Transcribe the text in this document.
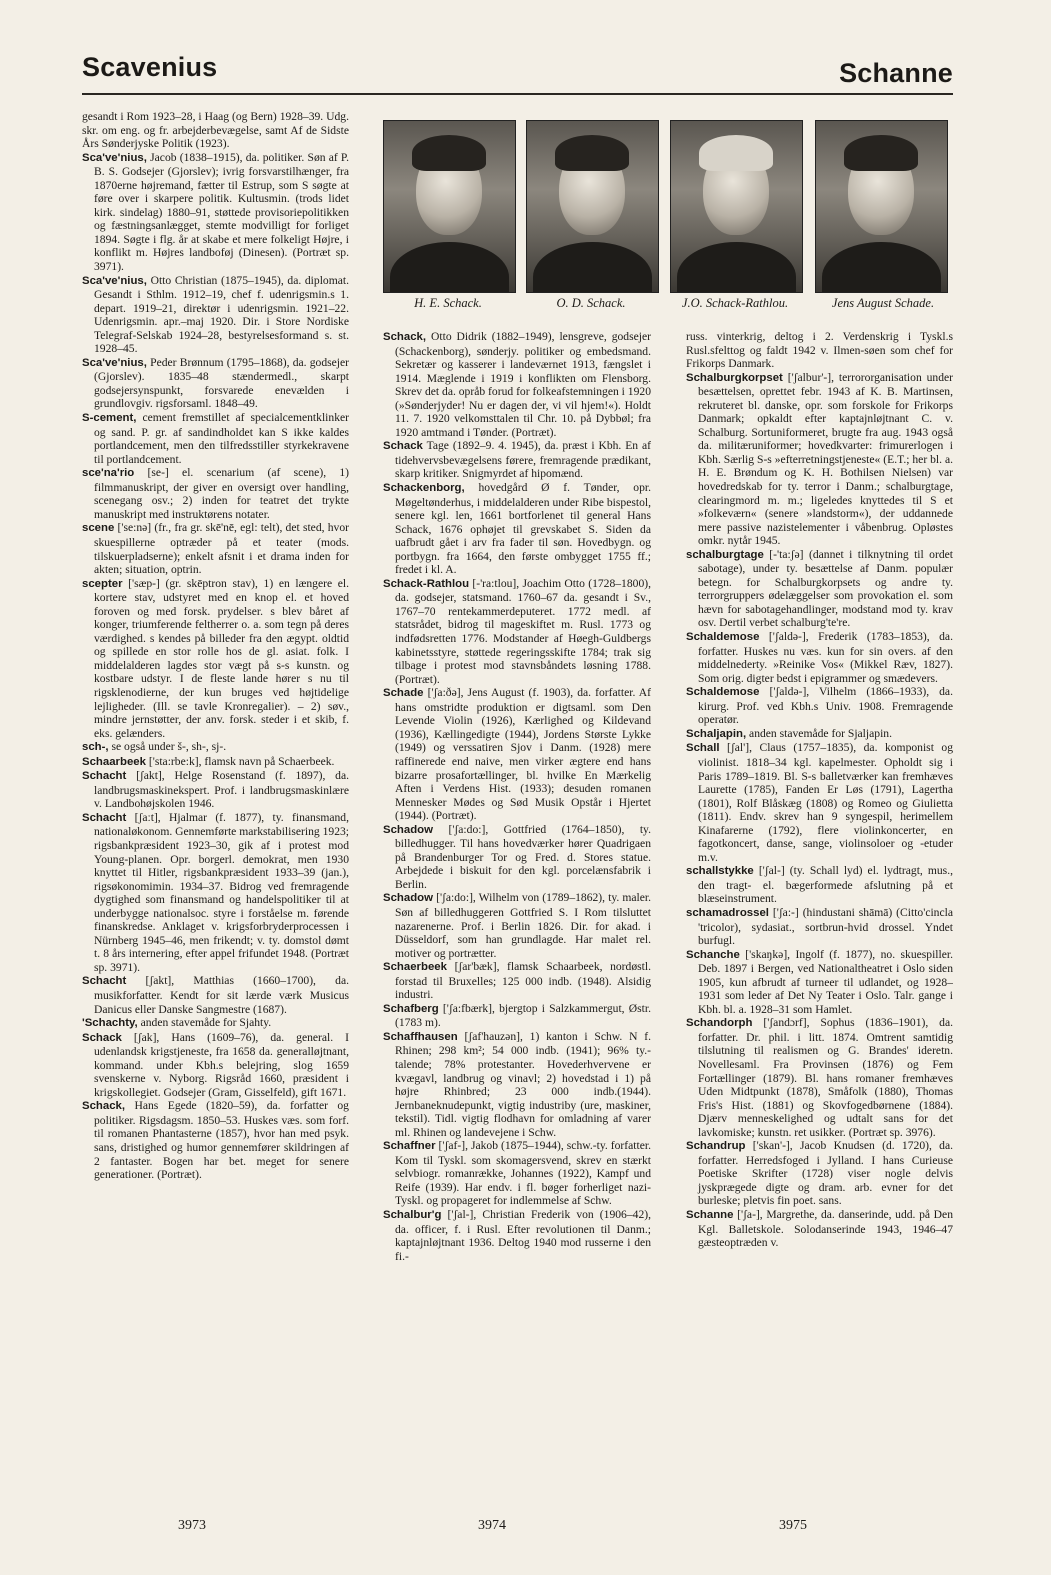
Scavenius	Schanne
H. E. Schack.	O. D. Schack.	J.O. Schack-Rathlou.	Jens August Schade.

gesandt i Rom 1923–28, i Haag (og Bern) 1928–39. Udg. skr. om eng. og fr. arbejderbevægelse, samt Af de Sidste Års Sønderjyske Politik (1923).

Sca've'nius, Jacob (1838–1915), da. politiker. Søn af P. B. S. Godsejer (Gjorslev); ivrig forsvarstilhænger, fra 1870erne højremand, fætter til Estrup, som S søgte at føre over i skarpere politik. Kultusmin. (trods lidet kirk. sindelag) 1880–91, støttede provisoriepolitikken og fæstningsanlægget, stemte modvilligt for forliget 1894. Søgte i flg. år at skabe et mere folkeligt Højre, i konflikt m. Højres landboføj (Dinesen). (Portræt sp. 3971).

Sca've'nius, Otto Christian (1875–1945), da. diplomat. Gesandt i Sthlm. 1912–19, chef f. udenrigsmin.s 1. depart. 1919–21, direktør i udenrigsmin. 1921–22. Udenrigsmin. apr.–maj 1920. Dir. i Store Nordiske Telegraf-Selskab 1924–28, bestyrelsesformand s. st. 1928–45.

Sca've'nius, Peder Brønnum (1795–1868), da. godsejer (Gjorslev). 1835–48 stændermedl., skarpt godsejersynspunkt, forsvarede enevælden i grundlovgiv. rigsforsaml. 1848–49.

S-cement, cement fremstillet af specialcementklinker og sand. P. gr. af sandindholdet kan S ikke kaldes portlandcement, men den tilfredsstiller styrkekravene til portlandcement.

sce'na'rio [se-] el. scenarium (af scene), 1) filmmanuskript, der giver en oversigt over handling, scenegang osv.; 2) inden for teatret det trykte manuskript med instruktørens notater.

scene ['se:nə] (fr., fra gr. skē'nē, egl: telt), det sted, hvor skuespillerne optræder på et teater (mods. tilskuerpladserne); enkelt afsnit i et drama inden for akten; situation, optrin.

scepter ['sæp-] (gr. skēptron stav), 1) en længere el. kortere stav, udstyret med en knop el. et hoved foroven og med forsk. prydelser. s blev båret af konger, triumferende feltherrer o. a. som tegn på deres værdighed. s kendes på billeder fra den ægypt. oldtid og spillede en stor rolle hos de gl. asiat. folk. I middelalderen lagdes stor vægt på s-s kunstn. og kostbare udstyr. I de fleste lande hører s nu til rigsklenodierne, der kun bruges ved højtidelige lejligheder. (Ill. se tavle Kronregalier). – 2) søv., mindre jernstøtter, der anv. forsk. steder i et skib, f. eks. gelænders.

sch-, se også under š-, sh-, sj-.

Schaarbeek ['sta:rbe:k], flamsk navn på Schaerbeek.

Schacht [ʃakt], Helge Rosenstand (f. 1897), da. landbrugsmaskinekspert. Prof. i landbrugsmaskinlære v. Landbohøjskolen 1946.

Schacht [ʃaːt], Hjalmar (f. 1877), ty. finansmand, nationaløkonom. Gennemførte markstabilisering 1923; rigsbankpræsident 1923–30, gik af i protest mod Young-planen. Opr. borgerl. demokrat, men 1930 knyttet til Hitler, rigsbankpræsident 1933–39 (jan.), rigsøkonomimin. 1934–37. Bidrog ved fremragende dygtighed som finansmand og handelspolitiker til at underbygge nationalsoc. styre i forståelse m. førende finanskredse. Anklaget v. krigsforbryderprocessen i Nürnberg 1945–46, men frikendt; v. ty. domstol dømt t. 8 års internering, efter appel frifundet 1948. (Portræt sp. 3971).

Schacht [ʃakt], Matthias (1660–1700), da. musikforfatter. Kendt for sit lærde værk Musicus Danicus eller Danske Sangmestre (1687).

'Schachty, anden stavemåde for Sjahty.

Schack [ʃak], Hans (1609–76), da. general. I udenlandsk krigstjeneste, fra 1658 da. generalløjtnant, kommand. under Kbh.s belejring, slog 1659 svenskerne v. Nyborg. Rigsråd 1660, præsident i krigskollegiet. Godsejer (Gram, Gisselfeld), gift 1671.

Schack, Hans Egede (1820–59), da. forfatter og politiker. Rigsdagsm. 1850–53. Huskes væs. som forf. til romanen Phantasterne (1857), hvor han med psyk. sans, dristighed og humor gennemfører skildringen af 2 fantaster. Bogen har bet. meget for senere generationer. (Portræt).

Schack, Otto Didrik (1882–1949), lensgreve, godsejer (Schackenborg), sønderjy. politiker og embedsmand. Sekretær og kasserer i landeværnet 1913, fængslet i 1914. Mæglende i 1919 i konflikten om Flensborg. Skrev det da. opråb forud for folkeafstemningen i 1920 (»Sønderjyder! Nu er dagen der, vi vil hjem!«). Holdt 11. 7. 1920 velkomsttalen til Chr. 10. på Dybbøl; fra 1920 amtmand i Tønder. (Portræt).

Schack Tage (1892–9. 4. 1945), da. præst i Kbh. En af tidehvervsbevægelsens førere, fremragende prædikant, skarp kritiker. Snigmyrdet af hipomænd.

Schackenborg, hovedgård Ø f. Tønder, opr. Møgeltønderhus, i middelalderen under Ribe bispestol, senere kgl. len, 1661 bortforlenet til general Hans Schack, 1676 ophøjet til grevskabet S. Siden da uafbrudt gået i arv fra fader til søn. Hovedbygn. og portbygn. fra 1664, den første ombygget 1755 ff.; fredet i kl. A.

Schack-Rathlou [-'ra:tlou], Joachim Otto (1728–1800), da. godsejer, statsmand. 1760–67 da. gesandt i Sv., 1767–70 rentekammerdeputeret. 1772 medl. af statsrådet, bidrog til mageskiftet m. Rusl. 1773 og indfødsretten 1776. Modstander af Høegh-Guldbergs kabinetsstyre, støttede regeringsskifte 1784; trak sig tilbage i protest mod stavnsbåndets løsning 1788. (Portræt).

Schade ['ʃa:ðə], Jens August (f. 1903), da. forfatter. Af hans omstridte produktion er digtsaml. som Den Levende Violin (1926), Kærlighed og Kildevand (1936), Kællingedigte (1944), Jordens Største Lykke (1949) og verssatiren Sjov i Danm. (1928) mere raffinerede end naive, men virker ægtere end hans bizarre prosafortællinger, bl. hvilke En Mærkelig Aften i Verdens Hist. (1933); desuden romanen Mennesker Mødes og Sød Musik Opstår i Hjertet (1944). (Portræt).

Schadow ['ʃa:do:], Gottfried (1764–1850), ty. billedhugger. Til hans hovedværker hører Quadrigaen på Brandenburger Tor og Fred. d. Stores statue. Arbejdede i biskuit for den kgl. porcelænsfabrik i Berlin.

Schadow ['ʃa:do:], Wilhelm von (1789–1862), ty. maler. Søn af billedhuggeren Gottfried S. I Rom tilsluttet nazarenerne. Prof. i Berlin 1826. Dir. for akad. i Düsseldorf, som han grundlagde. Har malet rel. motiver og portrætter.

Schaerbeek [ʃar'bæk], flamsk Schaarbeek, nordøstl. forstad til Bruxelles; 125 000 indb. (1948). Alsidig industri.

Schafberg ['ʃa:fbærk], bjergtop i Salzkammergut, Østr. (1783 m).

Schaffhausen [ʃaf'hauzən], 1) kanton i Schw. N f. Rhinen; 298 km²; 54 000 indb. (1941); 96% ty.-talende; 78% protestanter. Hovederhvervene er kvægavl, landbrug og vinavl; 2) hovedstad i 1) på højre Rhinbred; 23 000 indb.(1944). Jernbaneknudepunkt, vigtig industriby (ure, maskiner, tekstil). Tidl. vigtig flodhavn for omladning af varer ml. Rhinen og landevejene i Schw.

Schaffner ['ʃaf-], Jakob (1875–1944), schw.-ty. forfatter. Kom til Tyskl. som skomagersvend, skrev en stærkt selvbiogr. romanrække, Johannes (1922), Kampf und Reife (1939). Har endv. i fl. bøger forherliget nazi-Tyskl. og propageret for indlemmelse af Schw.

Schalbur'g ['ʃal-], Christian Frederik von (1906–42), da. officer, f. i Rusl. Efter revolutionen til Danm.; kaptajnløjtnant 1936. Deltog 1940 mod russerne i den fi.-

russ. vinterkrig, deltog i 2. Verdenskrig i Tyskl.s Rusl.sfelttog og faldt 1942 v. Ilmen-søen som chef for Frikorps Danmark.

Schalburgkorpset ['ʃalbur'-], terrororganisation under besættelsen, oprettet febr. 1943 af K. B. Martinsen, rekruteret bl. danske, opr. som forskole for Frikorps Danmark; opkaldt efter kaptajnløjtnant C. v. Schalburg. Sortuniformeret, brugte fra aug. 1943 også da. militæruniformer; hovedkvarter: frimurerlogen i Kbh. Særlig S-s »efterretningstjeneste« (E.T.; her bl. a. H. E. Brøndum og K. H. Bothilsen Nielsen) var hovedredskab for ty. terror i Danm.; schalburgtage, clearingmord m. m.; ligeledes knyttedes til S et »folkeværn« (senere »landstorm«), der uddannede mere passive nazistelementer i våbenbrug. Opløstes omkr. nytår 1945.

schalburgtage [-'ta:ʃə] (dannet i tilknytning til ordet sabotage), under ty. besættelse af Danm. populær betegn. for Schalburgkorpsets og andre ty. terrorgruppers ødelæggelser som provokation el. som hævn for sabotagehandlinger, modstand mod ty. krav osv. Dertil verbet schalburg'te're.

Schaldemose ['ʃaldə-], Frederik (1783–1853), da. forfatter. Huskes nu væs. kun for sin overs. af den middelnederty. »Reinike Vos« (Mikkel Ræv, 1827). Som orig. digter bedst i epigrammer og smædevers.

Schaldemose ['ʃaldə-], Vilhelm (1866–1933), da. kirurg. Prof. ved Kbh.s Univ. 1908. Fremragende operatør.

Schaljapin, anden stavemåde for Sjaljapin.

Schall [ʃal'], Claus (1757–1835), da. komponist og violinist. 1818–34 kgl. kapelmester. Opholdt sig i Paris 1789–1819. Bl. S-s balletværker kan fremhæves Laurette (1785), Fanden Er Løs (1791), Lagertha (1801), Rolf Blåskæg (1808) og Romeo og Giulietta (1811). Endv. skrev han 9 syngespil, herimellem Kinafarerne (1792), flere violinkoncerter, en fagotkoncert, danse, sange, violinsoloer og -etuder m.v.

schallstykke ['ʃal-] (ty. Schall lyd) el. lydtragt, mus., den tragt- el. bægerformede afslutning på et blæseinstrument.

schamadrossel ['ʃa:-] (hindustani shāmā) (Citto'cincla 'tricolor), sydasiat., sortbrun-hvid drossel. Yndet burfugl.

Schanche ['skaŋkə], Ingolf (f. 1877), no. skuespiller. Deb. 1897 i Bergen, ved Nationaltheatret i Oslo siden 1905, kun afbrudt af turneer til udlandet, og 1928–1931 som leder af Det Ny Teater i Oslo. Talr. gange i Kbh. bl. a. 1928–31 som Hamlet.

Schandorph ['ʃandɔrf], Sophus (1836–1901), da. forfatter. Dr. phil. i litt. 1874. Omtrent samtidig tilslutning til realismen og G. Brandes' ideretn. Novellesaml. Fra Provinsen (1876) og Fem Fortællinger (1879). Bl. hans romaner fremhæves Uden Midtpunkt (1878), Småfolk (1880), Thomas Fris's Hist. (1881) og Skovfogedbørnene (1884). Djærv menneskelighed og udtalt sans for det lavkomiske; kunstn. ret usikker. (Portræt sp. 3976).

Schandrup ['skan'-], Jacob Knudsen (d. 1720), da. forfatter. Herredsfoged i Jylland. I hans Curieuse Poetiske Skrifter (1728) viser nogle delvis jyskprægede digte og dram. arb. evner for det burleske; pletvis fin poet. sans.

Schanne ['ʃa-], Margrethe, da. danserinde, udd. på Den Kgl. Balletskole. Solodanserinde 1943, 1946–47 gæsteoptræden v.

3973	3974	3975
